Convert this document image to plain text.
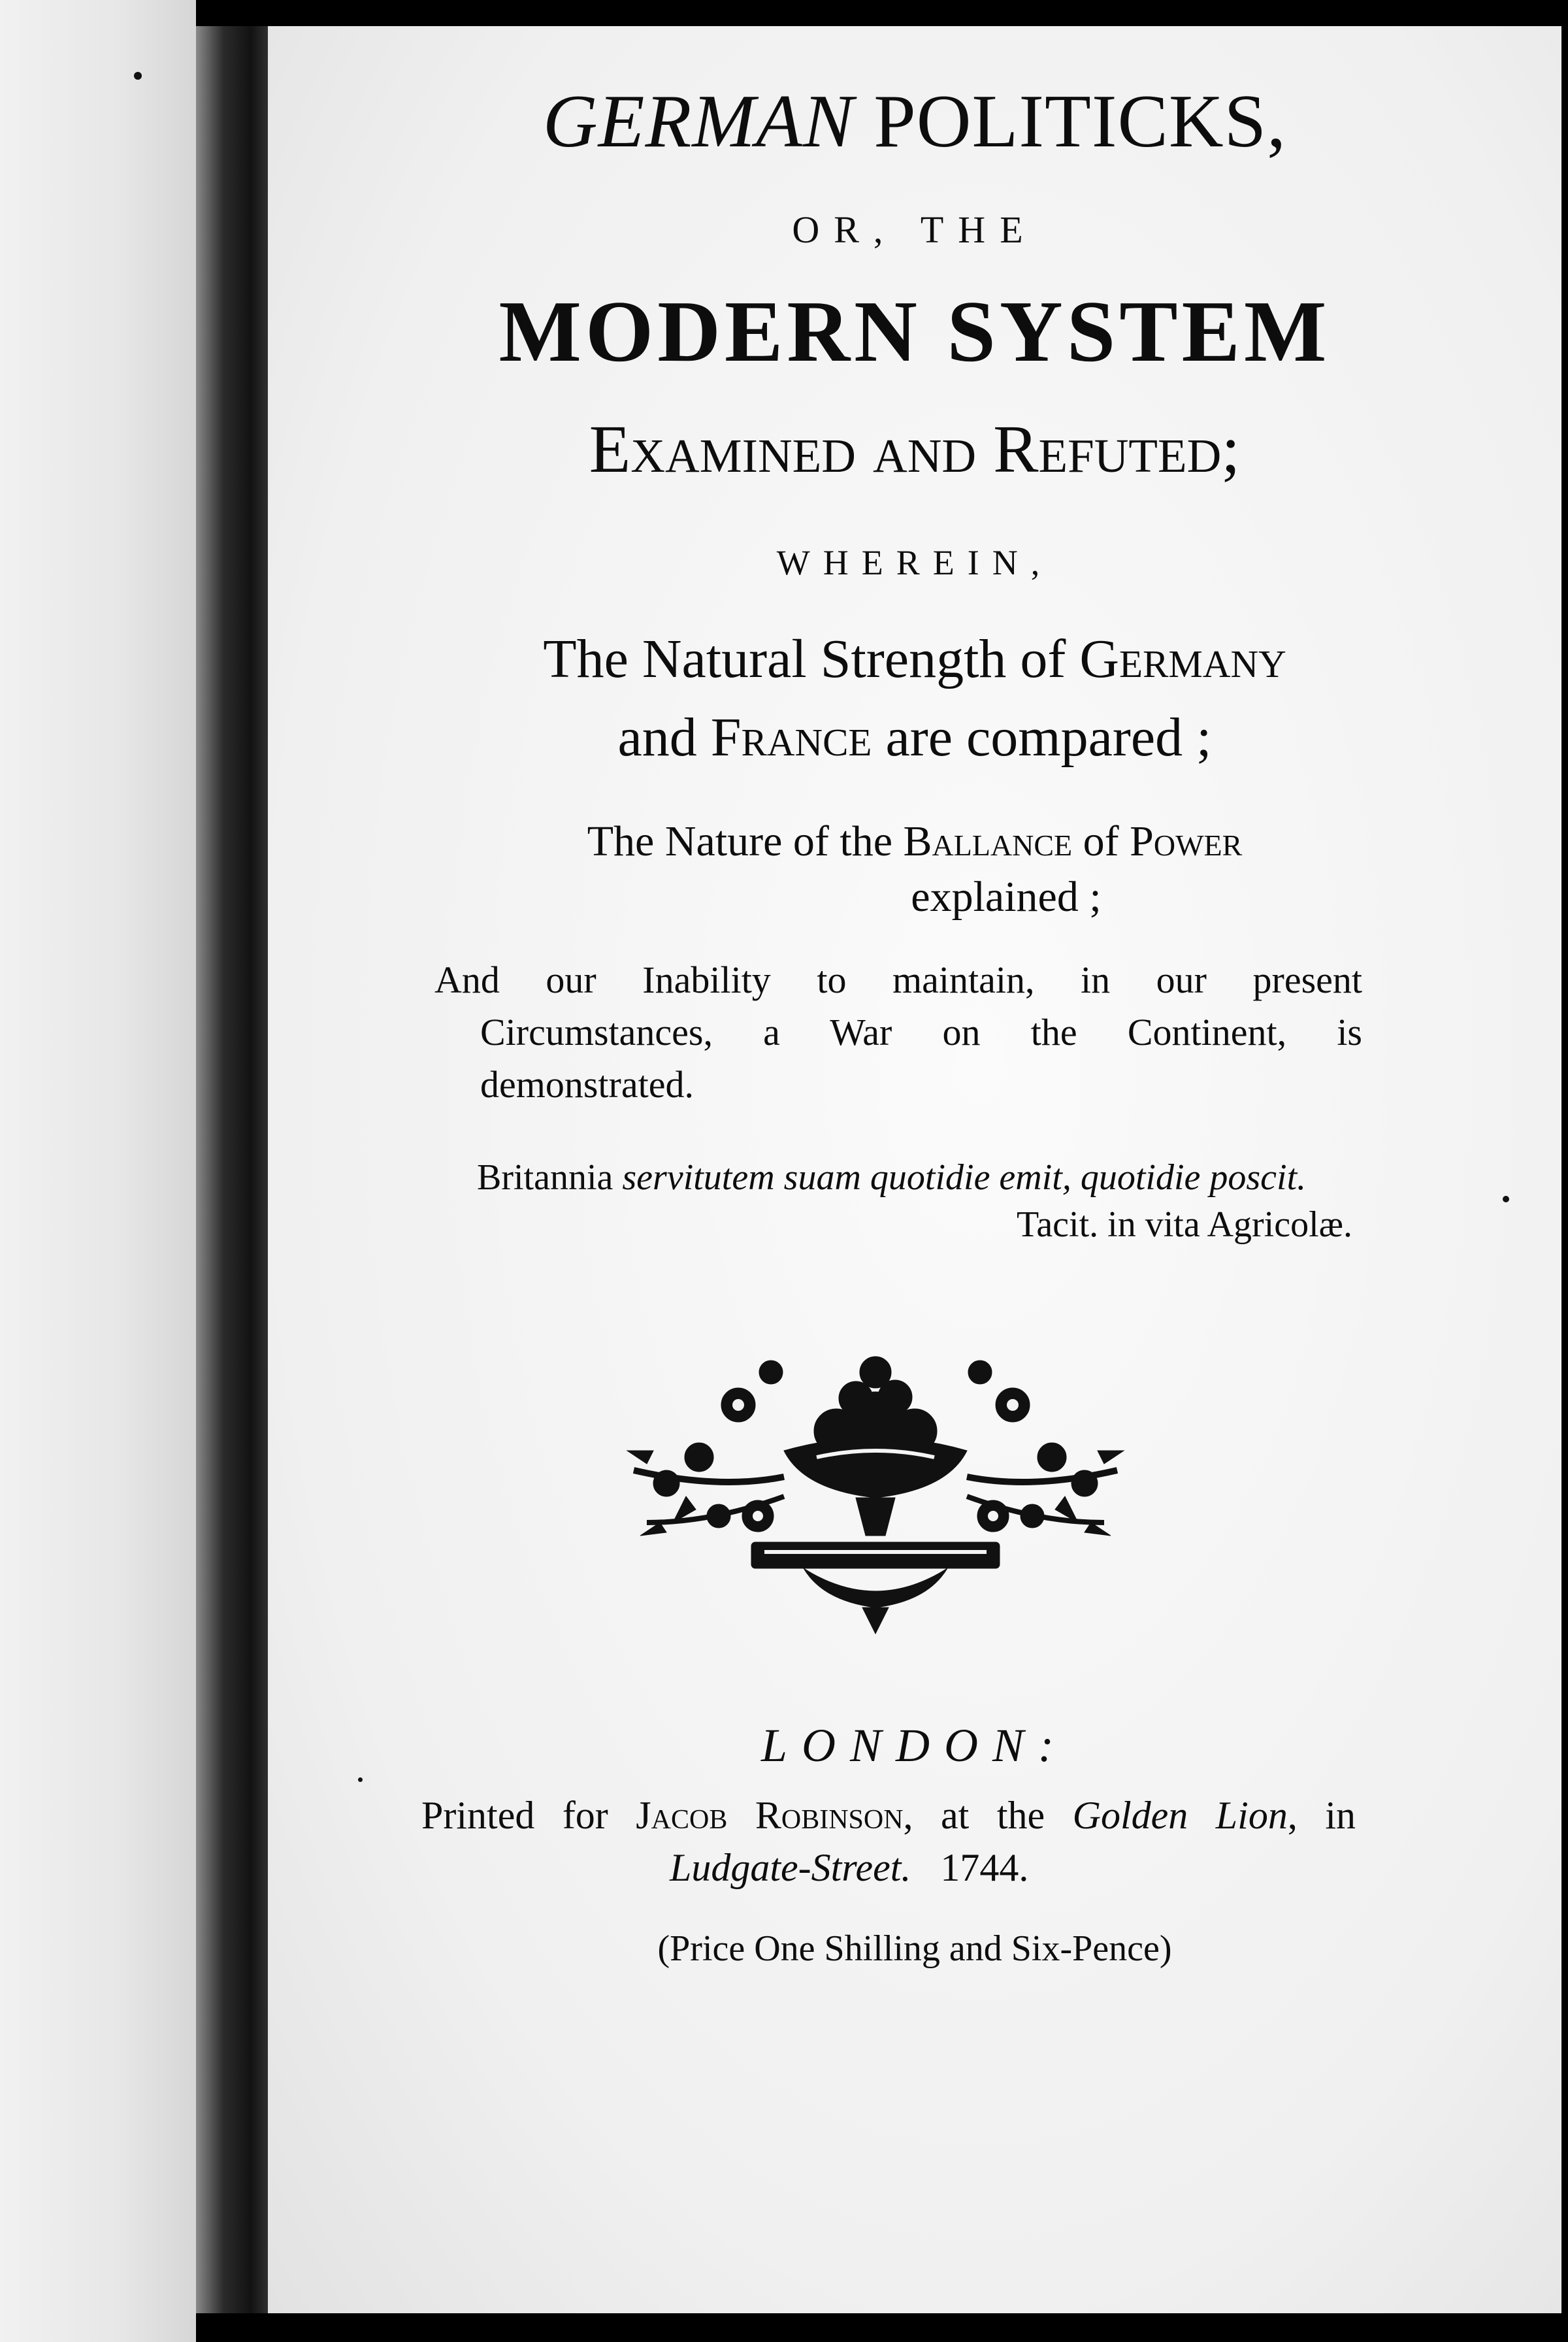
GERMAN POLITICKS,
OR, THE
MODERN SYSTEM
Examined and Refuted;
WHEREIN,
The Natural Strength of Germany
and France are compared ;
The Nature of the Ballance of Power
explained ;
And our Inability to maintain, in our present
Circumstances, a War on the Continent, is
demonstrated.
Britannia servitutem suam quotidie emit, quotidie poscit.
Tacit. in vita Agricolæ.
LONDON:
Printed for Jacob Robinson, at the Golden Lion, in
Ludgate-Street. 1744.
(Price One Shilling and Six-Pence)
